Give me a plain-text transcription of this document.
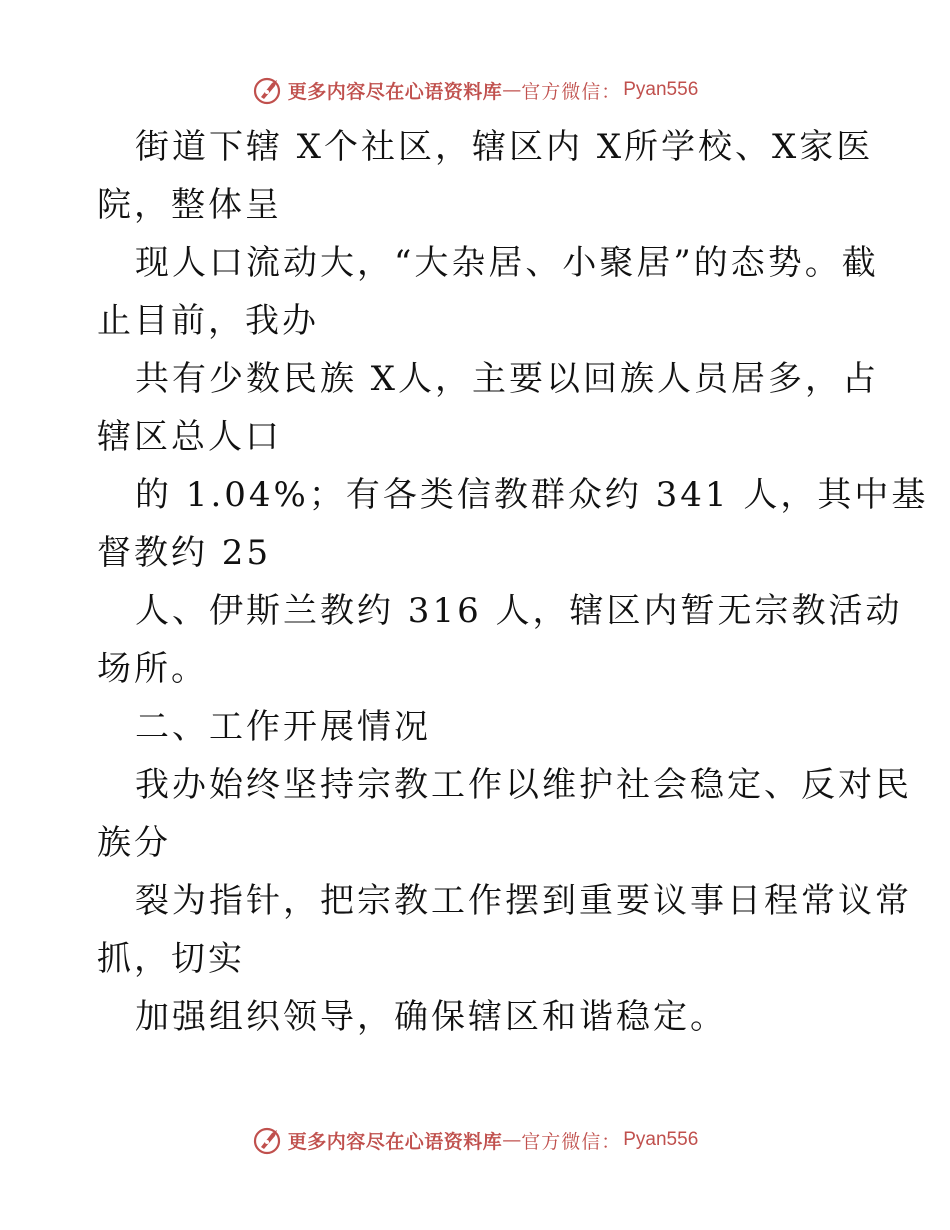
更多内容尽在心语资料库 — 官方微信： Pyan556
街道下辖 X个社区，辖区内 X所学校、X家医
院，整体呈
现人口流动大，“大杂居、小聚居”的态势。截
止目前，我办
共有少数民族 X人，主要以回族人员居多，占
辖区总人口
的 1.04%；有各类信教群众约 341 人，其中基
督教约 25
人、伊斯兰教约 316 人，辖区内暂无宗教活动
场所。
二、工作开展情况
我办始终坚持宗教工作以维护社会稳定、反对民
族分
裂为指针，把宗教工作摆到重要议事日程常议常
抓，切实
加强组织领导，确保辖区和谐稳定。
更多内容尽在心语资料库 — 官方微信： Pyan556
